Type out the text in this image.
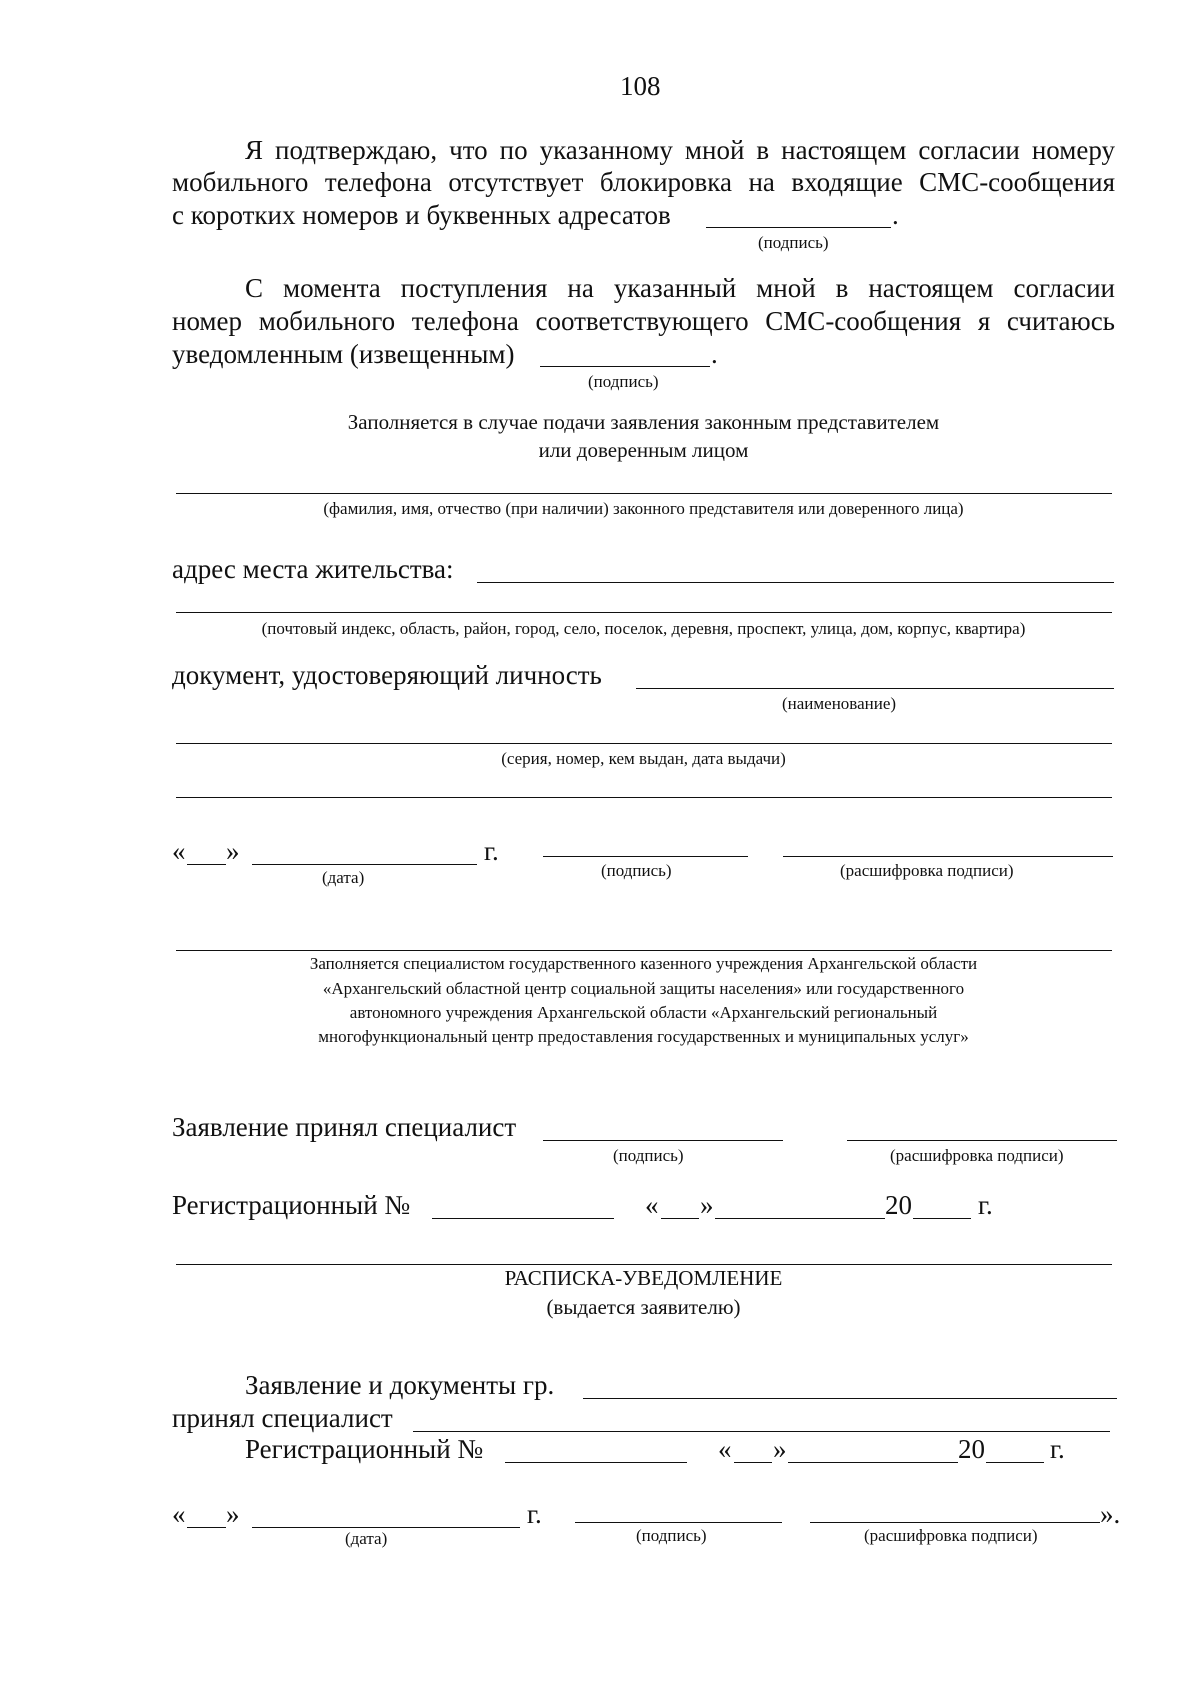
108
Я подтверждаю, что по указанному мной в настоящем согласии номеру
мобильного телефона отсутствует блокировка на входящие СМС-сообщения
с коротких номеров и буквенных адресатов	.
(подпись)
С момента поступления на указанный мной в настоящем согласии
номер мобильного телефона соответствующего СМС-сообщения я считаюсь
уведомленным (извещенным)	.
(подпись)
Заполняется в случае подачи заявления законным представителем
или доверенным лицом
(фамилия, имя, отчество (при наличии) законного представителя или доверенного лица)
адрес места жительства:
(почтовый индекс, область, район, город, село, поселок, деревня, проспект, улица, дом, корпус, квартира)
документ, удостоверяющий личность
(наименование)
(серия, номер, кем выдан, дата выдачи)
« »	г.
(дата)	(подпись)	(расшифровка подписи)
Заполняется специалистом государственного казенного учреждения Архангельской области
«Архангельский областной центр социальной защиты населения» или государственного
автономного учреждения Архангельской области «Архангельский региональный
многофункциональный центр предоставления государственных и муниципальных услуг»
Заявление принял специалист
(подпись)	(расшифровка подписи)
Регистрационный №	« »	20 г.
РАСПИСКА-УВЕДОМЛЕНИЕ
(выдается заявителю)
Заявление и документы гр.
принял специалист
Регистрационный №	« »	20 г.
« »	г.
(дата)	(подпись)
».
(расшифровка подписи)
